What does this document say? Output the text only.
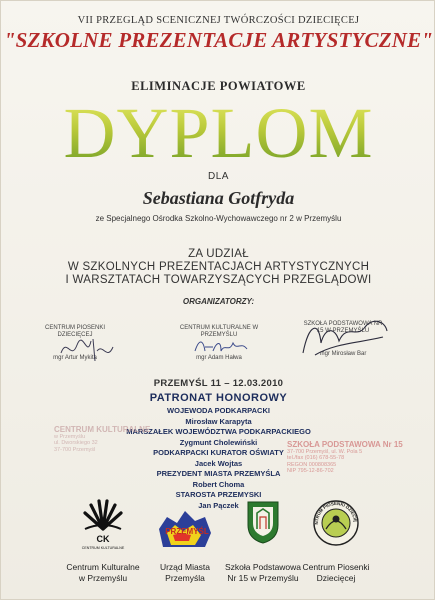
VII PRZEGLĄD SCENICZNEJ TWÓRCZOŚCI DZIECIĘCEJ
"SZKOLNE PREZENTACJE ARTYSTYCZNE"
ELIMINACJE POWIATOWE
DYPLOM
DLA
Sebastiana Gotfryda
ze Specjalnego Ośrodka Szkolno-Wychowawczego nr 2 w Przemyślu
ZA UDZIAŁ
W SZKOLNYCH PREZENTACJACH ARTYSTYCZNYCH
I WARSZTATACH TOWARZYSZĄCYCH PRZEGLĄDOWI
ORGANIZATORZY:
CENTRUM PIOSENKI
DZIECIĘCEJ
mgr Artur Mykita
CENTRUM KULTURALNE W
PRZEMYŚLU
mgr Adam Hałwa
SZKOŁA PODSTAWOWA NR
15 W PRZEMYŚLU
mgr Mirosław Bar
PRZEMYŚL 11 – 12.03.2010
PATRONAT HONOROWY
WOJEWODA PODKARPACKI
Mirosław Karapyta
MARSZAŁEK WOJEWÓDZTWA PODKARPACKIEGO
Zygmunt Cholewiński
PODKARPACKI KURATOR OŚWIATY
Jacek Wojtas
PREZYDENT MIASTA PRZEMYŚLA
Robert Choma
STAROSTA PRZEMYSKI
Jan Pączek
CENTRUM KULTURALNE
w Przemyślu
ul. Dworskiego 32
37-700 Przemyśl
SZKOŁA PODSTAWOWA Nr 15
37-700 Przemyśl, ul. W. Pola 5
tel./fax (016) 678-55-78
REGON 000808365
NIP 795-12-86-702
CK
CENTRUM KULTURALNE
PRZEMYŚL
NTRUM PIOSENKI DZIECIĘ
Centrum Kulturalne
w Przemyślu
Urząd Miasta
Przemyśla
Szkoła Podstawowa
Nr 15 w Przemyślu
Centrum Piosenki
Dziecięcej
